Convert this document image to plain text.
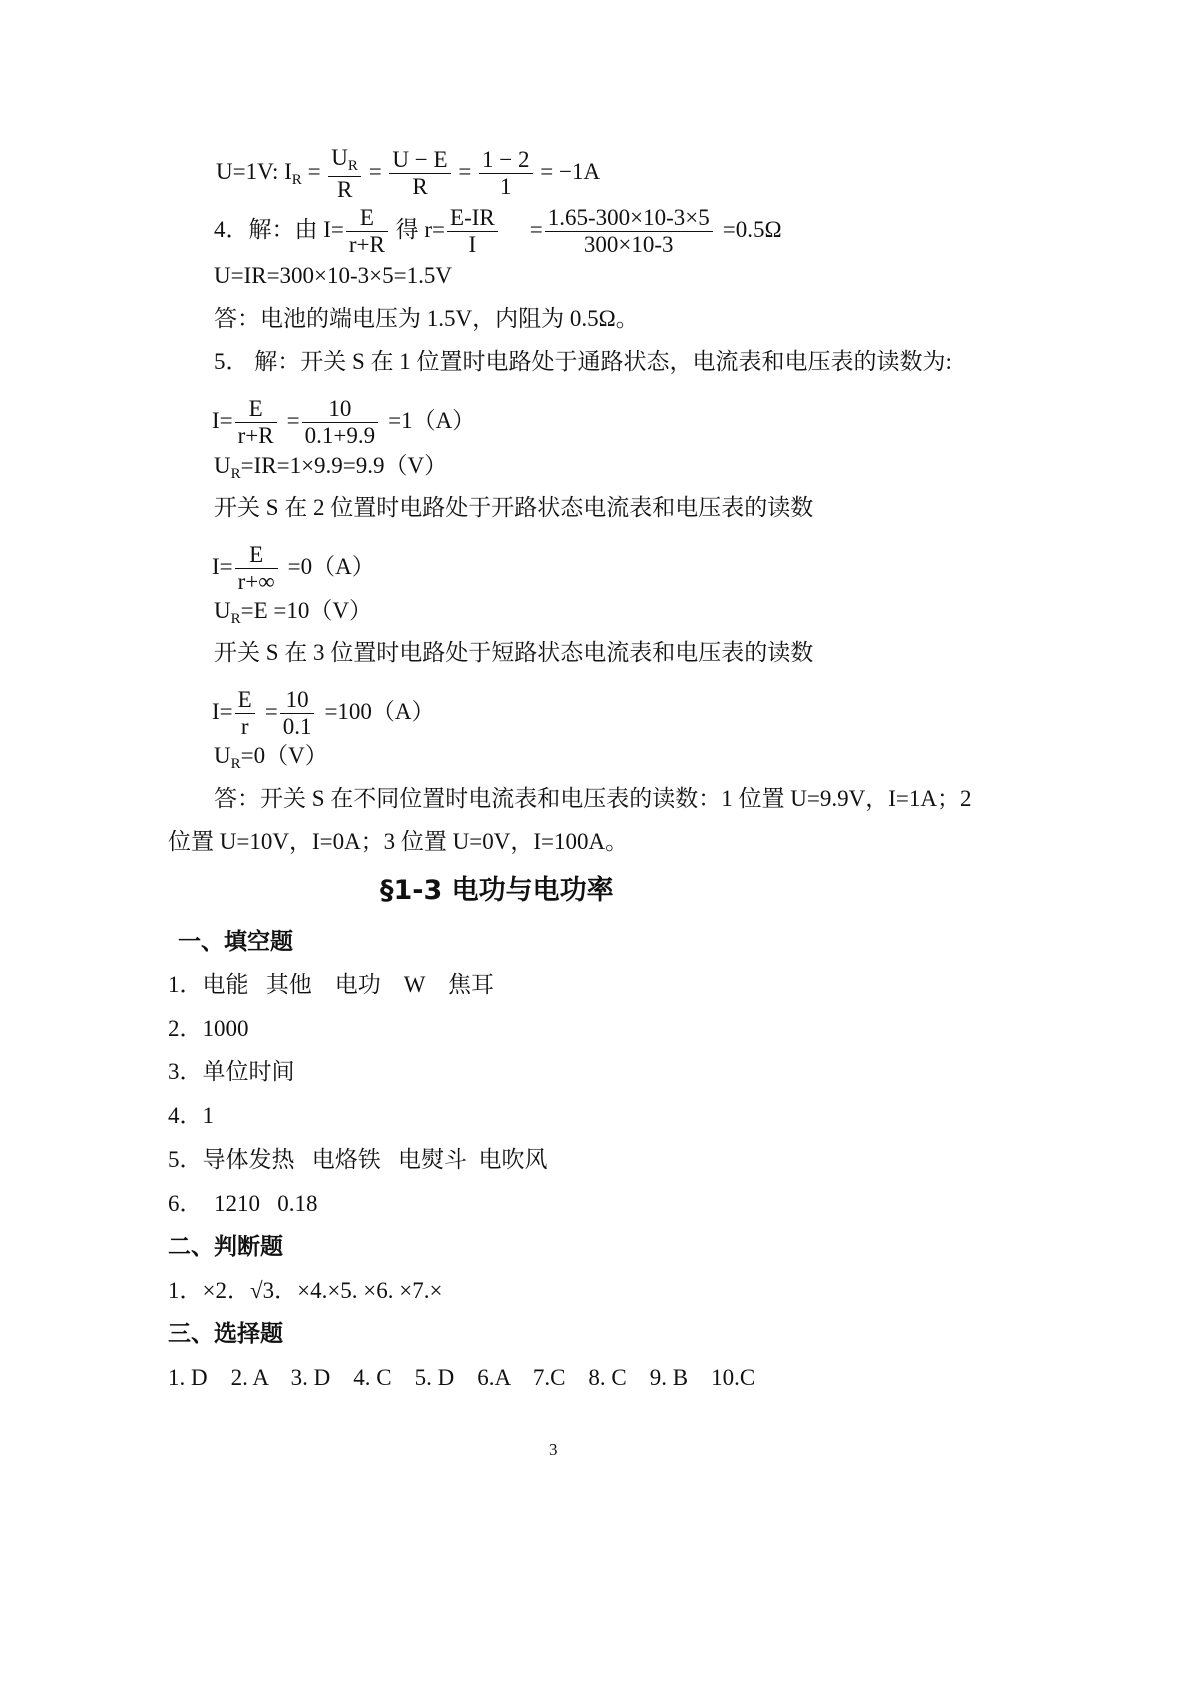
U=1V: $I_R = \frac{U_R}{R} = \frac{U - E}{R} = \frac{1 - 2}{1} = -1A$
4．解：由 $I= \frac{E}{r+R}$ 得 $r= \frac{E-IR}{I} = \frac{1.65-300\times 10-3\times 5}{300\times 10-3} =0.5\Omega$
U=IR=300×10-3×5=1.5V
答：电池的端电压为 1.5V，内阻为 0.5Ω。
5． 解：开关 S 在 1 位置时电路处于通路状态，电流表和电压表的读数为:
$I= \frac{E}{r+R} = \frac{10}{0.1+9.9} =1(A)$
$U_R=IR=1\times 9.9=9.9(V)$
开关 S 在 2 位置时电路处于开路状态电流表和电压表的读数
$I= \frac{E}{r+\infty} =0(A)$
$U_R=E =10(V)$
开关 S 在 3 位置时电路处于短路状态电流表和电压表的读数
$I= \frac{E}{r} = \frac{10}{0.1} =100(A)$
$U_R=0(V)$
答：开关 S 在不同位置时电流表和电压表的读数：1 位置 U=9.9V，I=1A；2
位置 U=10V，I=0A；3 位置 U=0V，I=100A。
§1-3 电功与电功率
一、填空题
1．电能   其他    电功    W    焦耳
2．1000
3．单位时间
4．1
5．导体发热   电烙铁   电熨斗  电吹风
6．  1210   0.18
二、判断题
1．×2．√3．×4.×5. ×6. ×7.×
三、选择题
1. D    2. A    3. D    4. C    5. D    6.A    7.C    8. C    9. B    10.C
3
